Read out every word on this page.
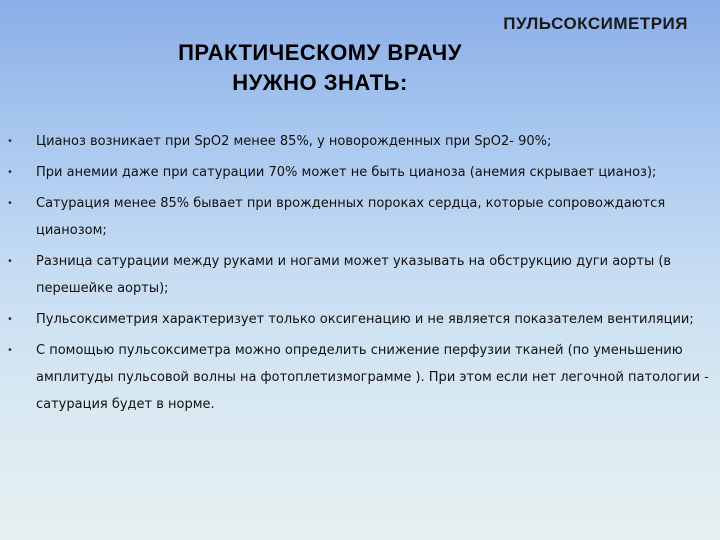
ПУЛЬСОКСИМЕТРИЯ
ПРАКТИЧЕСКОМУ ВРАЧУ
НУЖНО ЗНАТЬ:
• Цианоз возникает при SpO2 менее 85%, у новорожденных при SpO2- 90%;
• При анемии даже при сатурации 70% может не быть цианоза (анемия скрывает цианоз);
• Сатурация менее 85% бывает при врожденных пороках сердца, которые сопровождаются цианозом;
• Разница сатурации между руками и ногами может указывать на обструкцию дуги аорты (в перешейке аорты);
• Пульсоксиметрия характеризует только оксигенацию и не является показателем вентиляции;
• С помощью пульсоксиметра можно определить снижение перфузии тканей (по уменьшению амплитуды пульсовой волны на фотоплетизмограмме ). При этом если нет легочной патологии - сатурация будет в норме.
